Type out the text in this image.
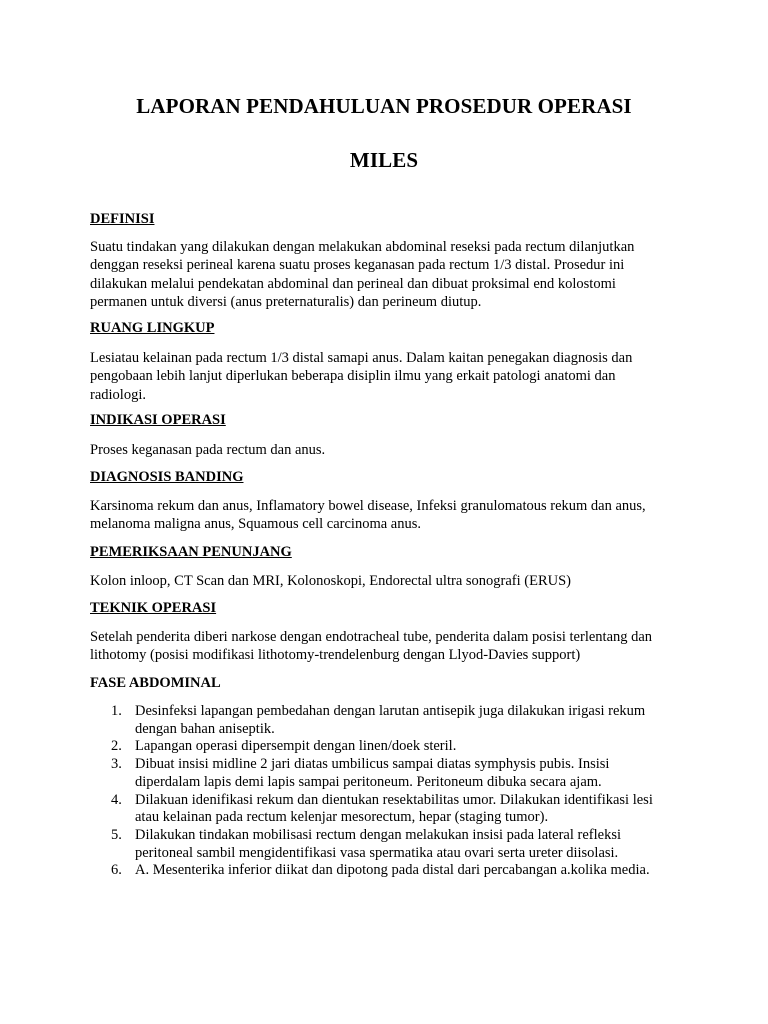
LAPORAN PENDAHULUAN PROSEDUR OPERASI
MILES
DEFINISI
Suatu tindakan yang dilakukan dengan melakukan abdominal reseksi pada rectum dilanjutkan
denggan reseksi perineal karena suatu proses keganasan pada rectum 1/3 distal. Prosedur ini
dilakukan melalui pendekatan abdominal dan perineal dan dibuat proksimal end kolostomi
permanen untuk diversi (anus preternaturalis) dan perineum diutup.
RUANG LINGKUP
Lesiatau kelainan pada rectum 1/3 distal samapi anus. Dalam kaitan penegakan diagnosis dan
pengobaan lebih lanjut diperlukan beberapa disiplin ilmu yang erkait patologi anatomi dan
radiologi.
INDIKASI OPERASI
Proses keganasan pada rectum dan anus.
DIAGNOSIS BANDING
Karsinoma rekum dan anus, Inflamatory bowel disease, Infeksi granulomatous rekum dan anus,
melanoma maligna anus, Squamous cell carcinoma anus.
PEMERIKSAAN PENUNJANG
Kolon inloop, CT Scan dan MRI, Kolonoskopi, Endorectal ultra sonografi (ERUS)
TEKNIK OPERASI
Setelah penderita diberi narkose dengan endotracheal tube, penderita dalam posisi terlentang dan
lithotomy (posisi modifikasi lithotomy-trendelenburg dengan Llyod-Davies support)
FASE ABDOMINAL
1. Desinfeksi lapangan pembedahan dengan larutan antisepik juga dilakukan irigasi rekum
dengan bahan aniseptik.
2. Lapangan operasi dipersempit dengan linen/doek steril.
3. Dibuat insisi midline 2 jari diatas umbilicus sampai diatas symphysis pubis. Insisi
diperdalam lapis demi lapis sampai peritoneum. Peritoneum dibuka secara ajam.
4. Dilakuan idenifikasi rekum dan dientukan resektabilitas umor. Dilakukan identifikasi lesi
atau kelainan pada rectum kelenjar mesorectum, hepar (staging tumor).
5. Dilakukan tindakan mobilisasi rectum dengan melakukan insisi pada lateral refleksi
peritoneal sambil mengidentifikasi vasa spermatika atau ovari serta ureter diisolasi.
6. A. Mesenterika inferior diikat dan dipotong pada distal dari percabangan a.kolika media.
